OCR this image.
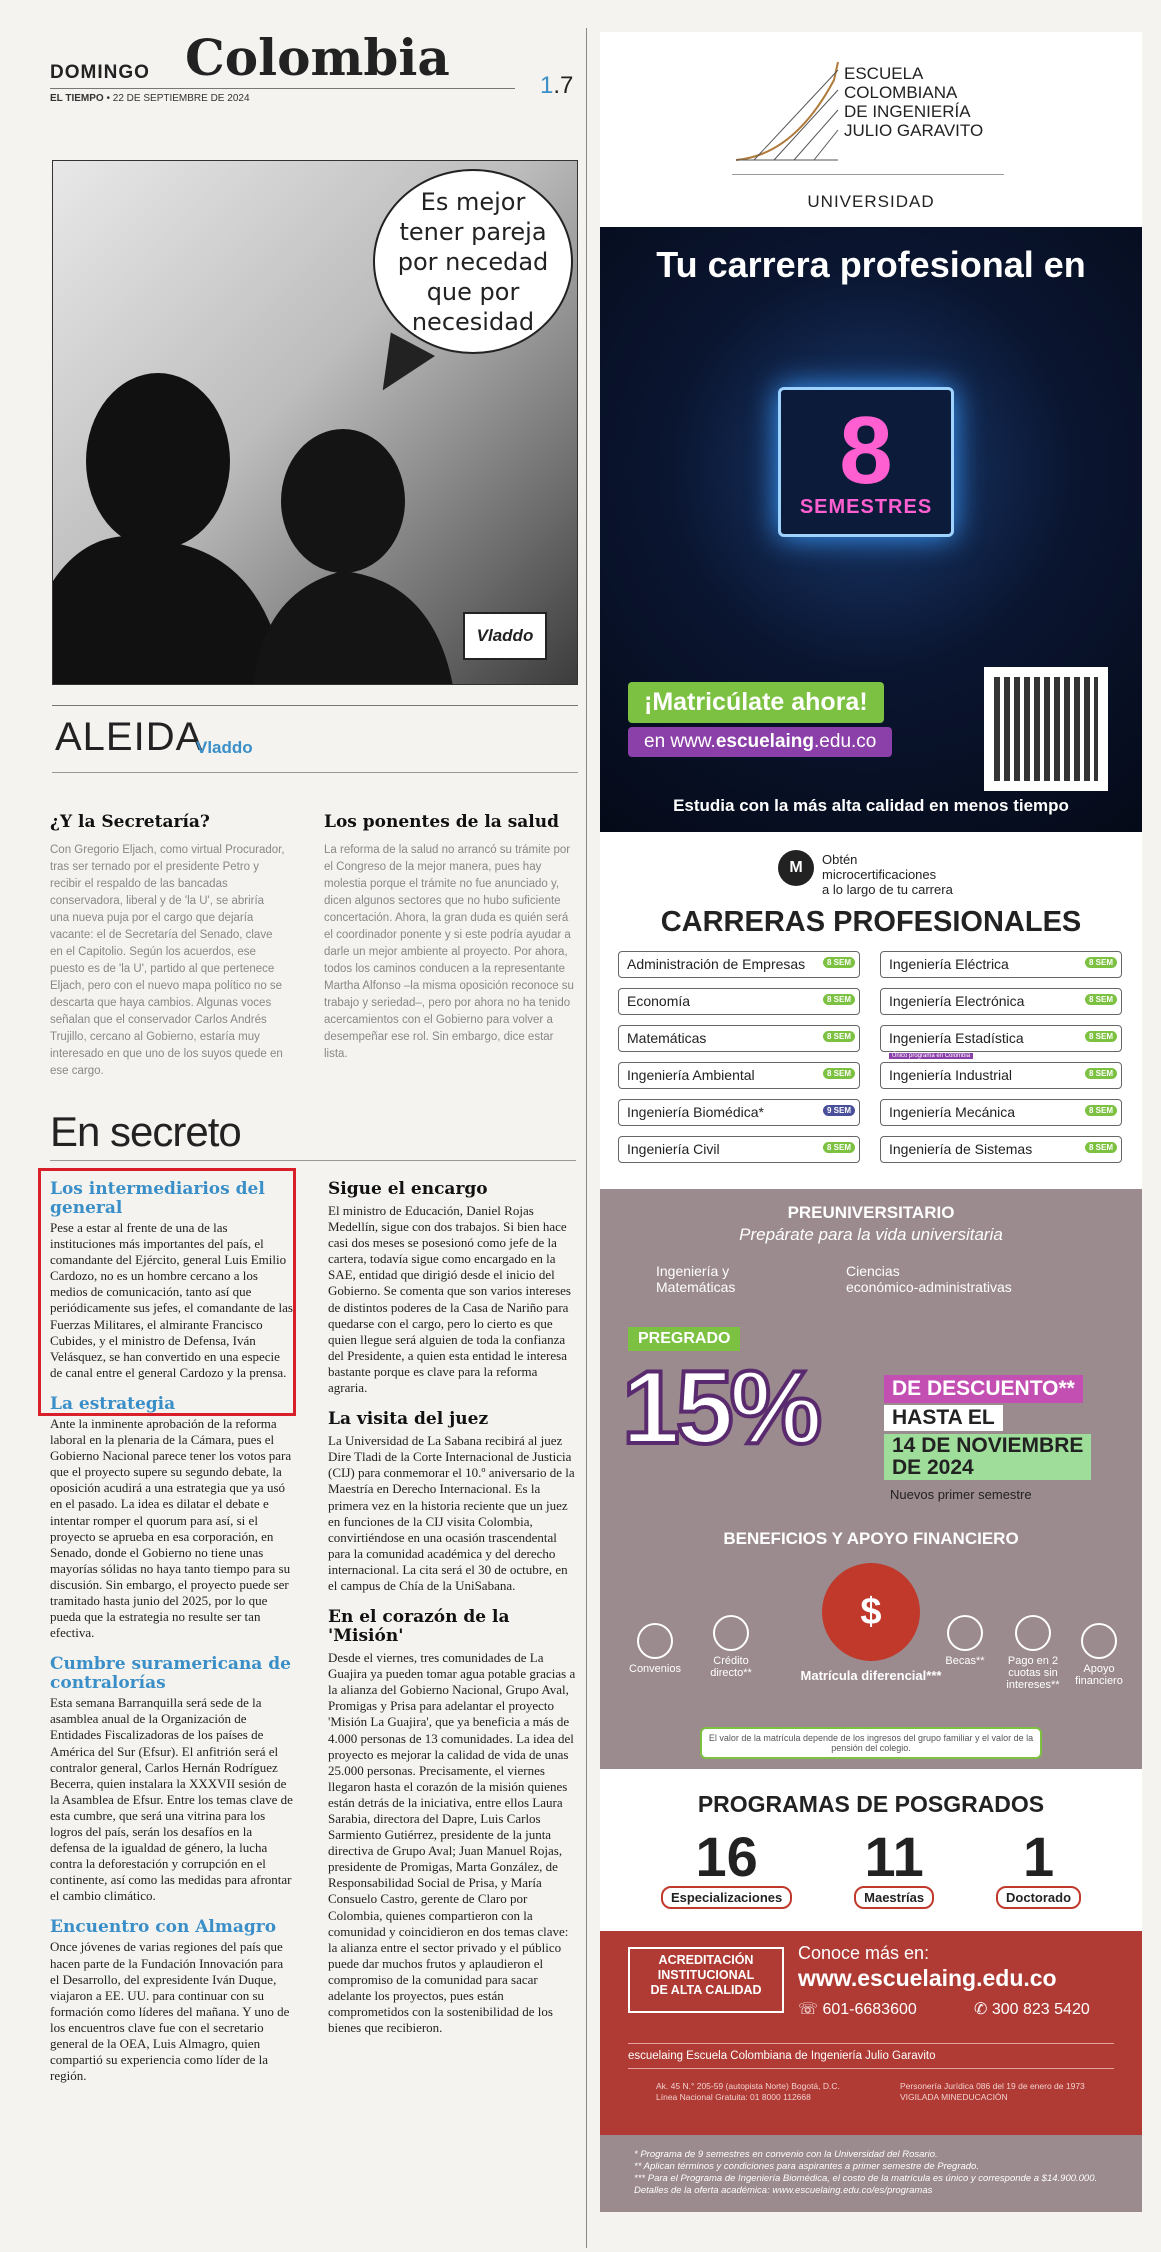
DOMINGO Colombia
EL TIEMPO • 22 DE SEPTIEMBRE DE 2024	1.7
Es mejor tener pareja por necedad que por necesidad
Vladdo
ALEIDA
Vladdo
¿Y la Secretaría?

Con Gregorio Eljach, como virtual Procurador, tras ser ternado por el presidente Petro y recibir el respaldo de las bancadas conservadora, liberal y de 'la U', se abriría una nueva puja por el cargo que dejaría vacante: el de Secretaría del Senado, clave en el Capitolio. Según los acuerdos, ese puesto es de 'la U', partido al que pertenece Eljach, pero con el nuevo mapa político no se descarta que haya cambios. Algunas voces señalan que el conservador Carlos Andrés Trujillo, cercano al Gobierno, estaría muy interesado en que uno de los suyos quede en ese cargo.

Los ponentes de la salud

La reforma de la salud no arrancó su trámite por el Congreso de la mejor manera, pues hay molestia porque el trámite no fue anunciado y, dicen algunos sectores que no hubo suficiente concertación. Ahora, la gran duda es quién será el coordinador ponente y si este podría ayudar a darle un mejor ambiente al proyecto. Por ahora, todos los caminos conducen a la representante Martha Alfonso –la misma oposición reconoce su trabajo y seriedad–, pero por ahora no ha tenido acercamientos con el Gobierno para volver a desempeñar ese rol. Sin embargo, dice estar lista.

En secreto
Los intermediarios del general

Pese a estar al frente de una de las instituciones más importantes del país, el comandante del Ejército, general Luis Emilio Cardozo, no es un hombre cercano a los medios de comunicación, tanto así que periódicamente sus jefes, el comandante de las Fuerzas Militares, el almirante Francisco Cubides, y el ministro de Defensa, Iván Velásquez, se han convertido en una especie de canal entre el general Cardozo y la prensa.

La estrategia

Ante la inminente aprobación de la reforma laboral en la plenaria de la Cámara, pues el Gobierno Nacional parece tener los votos para que el proyecto supere su segundo debate, la oposición acudirá a una estrategia que ya usó en el pasado. La idea es dilatar el debate e intentar romper el quorum para así, si el proyecto se aprueba en esa corporación, en Senado, donde el Gobierno no tiene unas mayorías sólidas no haya tanto tiempo para su discusión. Sin embargo, el proyecto puede ser tramitado hasta junio del 2025, por lo que pueda que la estrategia no resulte ser tan efectiva.

Cumbre suramericana de contralorías

Esta semana Barranquilla será sede de la asamblea anual de la Organización de Entidades Fiscalizadoras de los países de América del Sur (Efsur). El anfitrión será el contralor general, Carlos Hernán Rodríguez Becerra, quien instalara la XXXVII sesión de la Asamblea de Efsur. Entre los temas clave de esta cumbre, que será una vitrina para los logros del país, serán los desafíos en la defensa de la igualdad de género, la lucha contra la deforestación y corrupción en el continente, así como las medidas para afrontar el cambio climático.

Encuentro con Almagro

Once jóvenes de varias regiones del país que hacen parte de la Fundación Innovación para el Desarrollo, del expresidente Iván Duque, viajaron a EE. UU. para continuar con su formación como líderes del mañana. Y uno de los encuentros clave fue con el secretario general de la OEA, Luis Almagro, quien compartió su experiencia como líder de la región.

Sigue el encargo

El ministro de Educación, Daniel Rojas Medellín, sigue con dos trabajos. Si bien hace casi dos meses se posesionó como jefe de la cartera, todavía sigue como encargado en la SAE, entidad que dirigió desde el inicio del Gobierno. Se comenta que son varios intereses de distintos poderes de la Casa de Nariño para quedarse con el cargo, pero lo cierto es que quien llegue será alguien de toda la confianza del Presidente, a quien esta entidad le interesa bastante porque es clave para la reforma agraria.

La visita del juez

La Universidad de La Sabana recibirá al juez Dire Tladi de la Corte Internacional de Justicia (CIJ) para conmemorar el 10.º aniversario de la Maestría en Derecho Internacional. Es la primera vez en la historia reciente que un juez en funciones de la CIJ visita Colombia, convirtiéndose en una ocasión trascendental para la comunidad académica y del derecho internacional. La cita será el 30 de octubre, en el campus de Chía de la UniSabana.

En el corazón de la 'Misión'

Desde el viernes, tres comunidades de La Guajira ya pueden tomar agua potable gracias a la alianza del Gobierno Nacional, Grupo Aval, Promigas y Prisa para adelantar el proyecto 'Misión La Guajira', que ya beneficia a más de 4.000 personas de 13 comunidades. La idea del proyecto es mejorar la calidad de vida de unas 25.000 personas. Precisamente, el viernes llegaron hasta el corazón de la misión quienes están detrás de la iniciativa, entre ellos Laura Sarabia, directora del Dapre, Luis Carlos Sarmiento Gutiérrez, presidente de la junta directiva de Grupo Aval; Juan Manuel Rojas, presidente de Promigas, Marta González, de Responsabilidad Social de Prisa, y María Consuelo Castro, gerente de Claro por Colombia, quienes compartieron con la comunidad y coincidieron en dos temas clave: la alianza entre el sector privado y el público puede dar muchos frutos y aplaudieron el compromiso de la comunidad para sacar adelante los proyectos, pues están comprometidos con la sostenibilidad de los bienes que recibieron.

ESCUELA
COLOMBIANA
DE INGENIERÍA
JULIO GARAVITO
UNIVERSIDAD
Tu carrera profesional en
8
SEMESTRES
¡Matricúlate ahora!
en www.escuelaing.edu.co
Estudia con la más alta calidad en menos tiempo
M	Obtén
microcertificaciones
a lo largo de tu carrera
CARRERAS PROFESIONALES
Administración de Empresas	8 SEM	Ingeniería Eléctrica	8 SEM
Economía	8 SEM	Ingeniería Electrónica	8 SEM
Matemáticas	8 SEM	Ingeniería Estadística	8 SEM
Único programa en Colombia
Ingeniería Ambiental	8 SEM	Ingeniería Industrial	8 SEM
Ingeniería Biomédica*	9 SEM	Ingeniería Mecánica	8 SEM
Ingeniería Civil	8 SEM	Ingeniería de Sistemas	8 SEM
PREUNIVERSITARIO
Prepárate para la vida universitaria
Ingeniería y
Matemáticas
Ciencias
económico-administrativas
PREGRADO
15%	DE DESCUENTO**
HASTA EL
14 DE NOVIEMBRE
DE 2024
Nuevos primer semestre
BENEFICIOS Y APOYO FINANCIERO
$
Convenios
Crédito directo**
Becas**	Pago en 2 cuotas sin intereses**
Apoyo financiero
Matrícula diferencial***
El valor de la matrícula depende de los ingresos del grupo familiar y el valor de la pensión del colegio.
PROGRAMAS DE POSGRADOS
16
Especializaciones
11
Maestrías
1
Doctorado
ACREDITACIÓN
INSTITUCIONAL
DE ALTA CALIDAD
Conoce más en:
www.escuelaing.edu.co
☏ 601-6683600	✆ 300 823 5420
escuelaing Escuela Colombiana de Ingeniería Julio Garavito
Ak. 45 N.° 205-59 (autopista Norte) Bogotá, D.C.
Línea Nacional Gratuita: 01 8000 112668
Personería Jurídica 086 del 19 de enero de 1973
VIGILADA MINEDUCACIÓN
* Programa de 9 semestres en convenio con la Universidad del Rosario.
** Aplican términos y condiciones para aspirantes a primer semestre de Pregrado.
*** Para el Programa de Ingeniería Biomédica, el costo de la matrícula es único y corresponde a $14.900.000.
Detalles de la oferta académica: www.escuelaing.edu.co/es/programas
